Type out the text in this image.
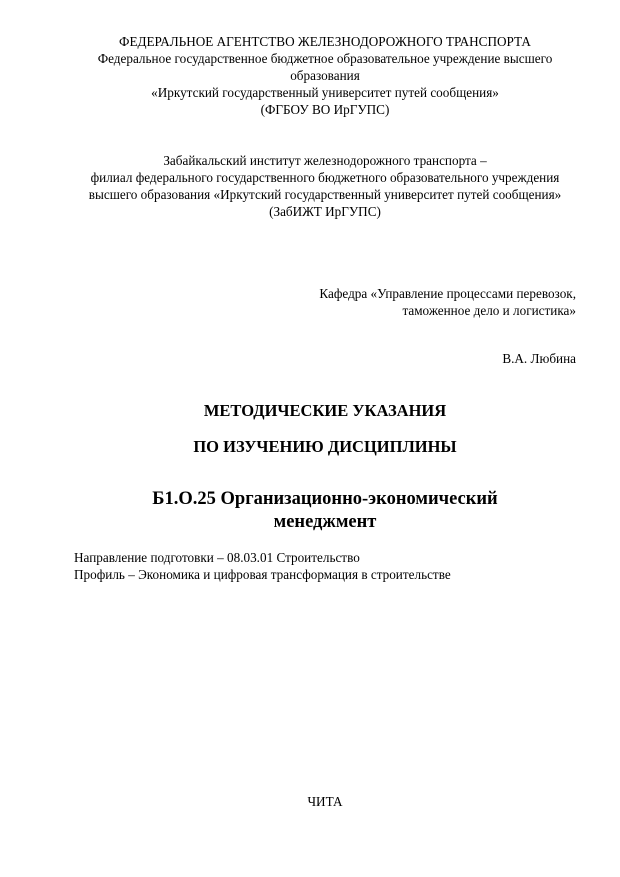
ФЕДЕРАЛЬНОЕ АГЕНТСТВО ЖЕЛЕЗНОДОРОЖНОГО ТРАНСПОРТА
Федеральное государственное бюджетное образовательное учреждение высшего
образования
«Иркутский государственный университет путей сообщения»
(ФГБОУ ВО ИрГУПС)
Забайкальский институт железнодорожного транспорта –
филиал федерального государственного бюджетного образовательного учреждения
высшего образования «Иркутский государственный университет путей сообщения»
(ЗабИЖТ ИрГУПС)
Кафедра «Управление процессами перевозок,
таможенное дело и логистика»
В.А. Любина
МЕТОДИЧЕСКИЕ УКАЗАНИЯ
ПО ИЗУЧЕНИЮ ДИСЦИПЛИНЫ
Б1.О.25 Организационно-экономический
менеджмент
Направление подготовки – 08.03.01 Строительство
Профиль – Экономика и цифровая трансформация в строительстве
ЧИТА
